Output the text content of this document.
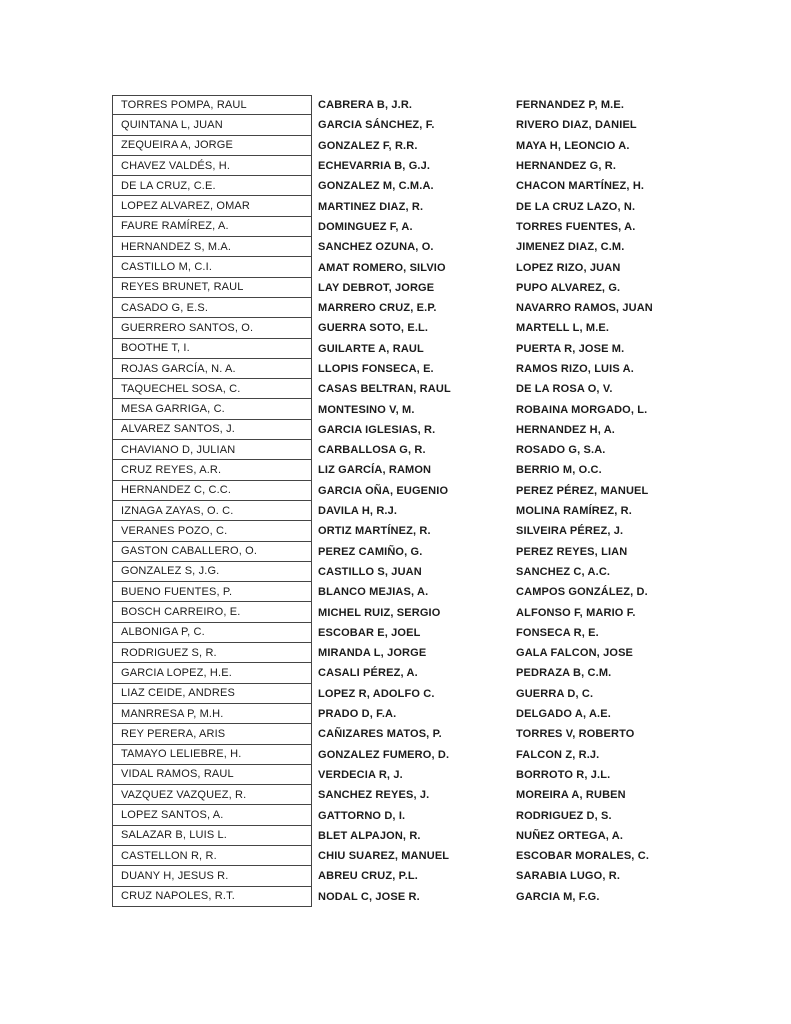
TORRES POMPA, RAUL	CABRERA B, J.R.	FERNANDEZ P, M.E.
QUINTANA L, JUAN	GARCIA SÁNCHEZ, F.	RIVERO DIAZ, DANIEL
ZEQUEIRA A, JORGE	GONZALEZ F, R.R.	MAYA H, LEONCIO A.
CHAVEZ VALDÉS, H.	ECHEVARRIA B, G.J.	HERNANDEZ G, R.
DE LA CRUZ, C.E.	GONZALEZ M, C.M.A.	CHACON MARTÍNEZ, H.
LOPEZ ALVAREZ, OMAR	MARTINEZ DIAZ, R.	DE LA CRUZ LAZO, N.
FAURE RAMÍREZ, A.	DOMINGUEZ F, A.	TORRES FUENTES, A.
HERNANDEZ S, M.A.	SANCHEZ OZUNA, O.	JIMENEZ DIAZ, C.M.
CASTILLO M, C.I.	AMAT ROMERO, SILVIO	LOPEZ RIZO, JUAN
REYES BRUNET, RAUL	LAY DEBROT, JORGE	PUPO ALVAREZ, G.
CASADO G, E.S.	MARRERO CRUZ, E.P.	NAVARRO RAMOS, JUAN
GUERRERO SANTOS, O.	GUERRA SOTO, E.L.	MARTELL L, M.E.
BOOTHE T, I.	GUILARTE A, RAUL	PUERTA R, JOSE M.
ROJAS GARCÍA, N. A.	LLOPIS FONSECA, E.	RAMOS RIZO, LUIS A.
TAQUECHEL SOSA, C.	CASAS BELTRAN, RAUL	DE LA ROSA O, V.
MESA GARRIGA, C.	MONTESINO V, M.	ROBAINA MORGADO, L.
ALVAREZ SANTOS, J.	GARCIA IGLESIAS, R.	HERNANDEZ H, A.
CHAVIANO D, JULIAN	CARBALLOSA G, R.	ROSADO G, S.A.
CRUZ REYES, A.R.	LIZ GARCÍA, RAMON	BERRIO M, O.C.
HERNANDEZ C, C.C.	GARCIA OÑA, EUGENIO	PEREZ PÉREZ, MANUEL
IZNAGA ZAYAS, O. C.	DAVILA H, R.J.	MOLINA RAMÍREZ, R.
VERANES POZO, C.	ORTIZ MARTÍNEZ, R.	SILVEIRA PÉREZ, J.
GASTON CABALLERO, O.	PEREZ CAMIÑO, G.	PEREZ REYES, LIAN
GONZALEZ S, J.G.	CASTILLO S, JUAN	SANCHEZ C, A.C.
BUENO FUENTES, P.	BLANCO MEJIAS, A.	CAMPOS GONZÁLEZ, D.
BOSCH CARREIRO, E.	MICHEL RUIZ, SERGIO	ALFONSO F, MARIO F.
ALBONIGA P, C.	ESCOBAR E, JOEL	FONSECA R, E.
RODRIGUEZ S, R.	MIRANDA L, JORGE	GALA FALCON, JOSE
GARCIA LOPEZ, H.E.	CASALI PÉREZ, A.	PEDRAZA B, C.M.
LIAZ CEIDE, ANDRES	LOPEZ R, ADOLFO C.	GUERRA D, C.
MANRRESA P, M.H.	PRADO D, F.A.	DELGADO A, A.E.
REY PERERA, ARIS	CAÑIZARES MATOS, P.	TORRES V, ROBERTO
TAMAYO LELIEBRE, H.	GONZALEZ FUMERO, D.	FALCON Z, R.J.
VIDAL RAMOS, RAUL	VERDECIA R, J.	BORROTO R, J.L.
VAZQUEZ VAZQUEZ, R.	SANCHEZ REYES, J.	MOREIRA A, RUBEN
LOPEZ SANTOS, A.	GATTORNO D, I.	RODRIGUEZ D, S.
SALAZAR B, LUIS L.	BLET ALPAJON, R.	NUÑEZ ORTEGA, A.
CASTELLON R, R.	CHIU SUAREZ, MANUEL	ESCOBAR MORALES, C.
DUANY H, JESUS R.	ABREU CRUZ, P.L.	SARABIA LUGO, R.
CRUZ NAPOLES, R.T.	NODAL C, JOSE R.	GARCIA M, F.G.
